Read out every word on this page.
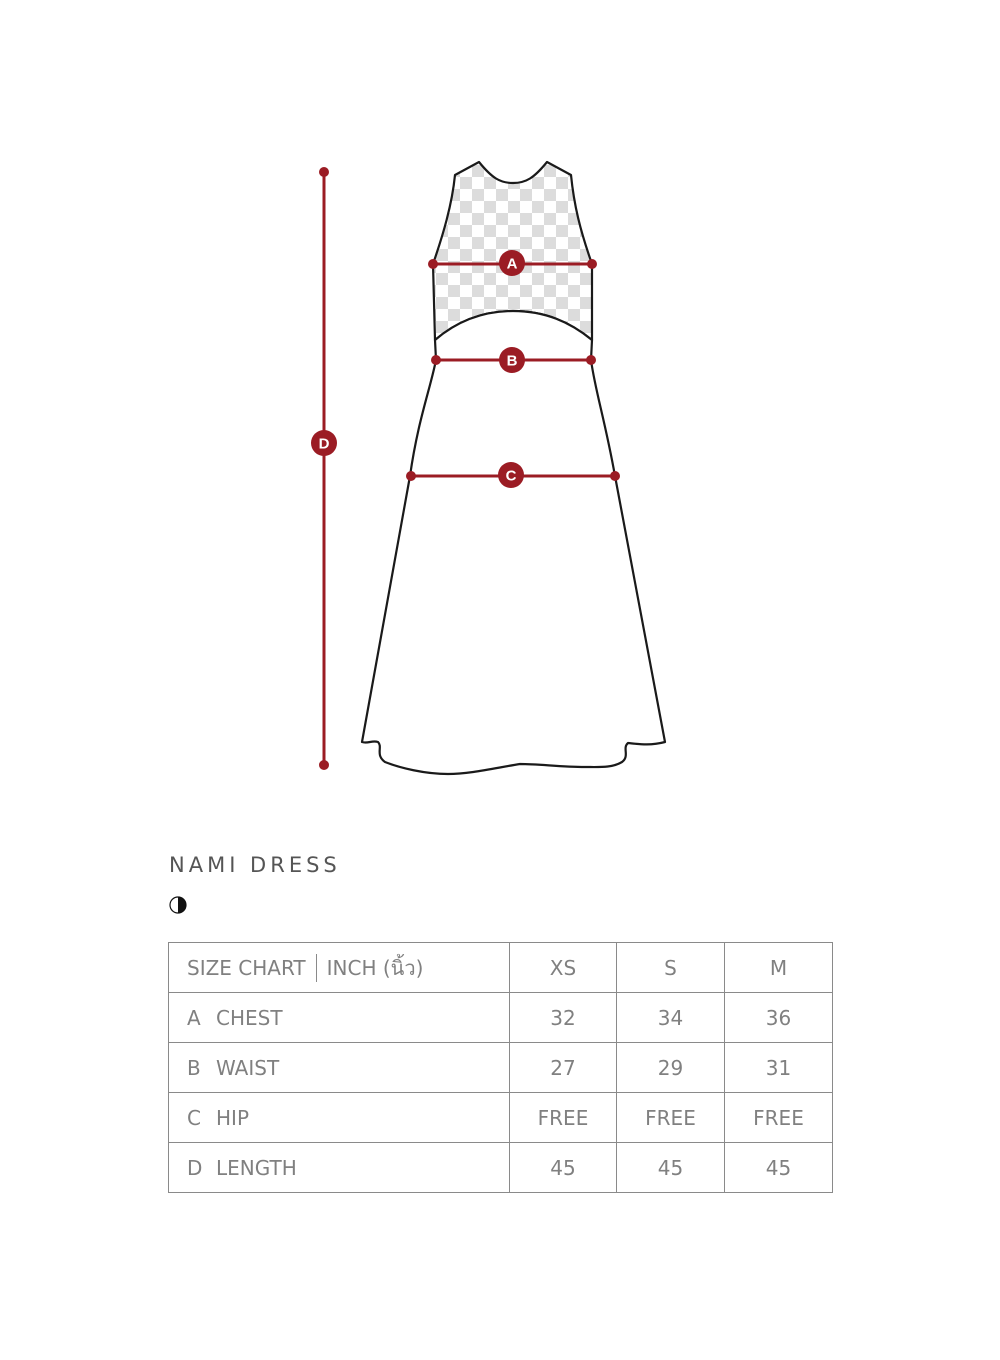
A
B
C
D
NAMI DRESS
SIZE CHART INCH (นิ้ว)	XS	S	M
A CHEST	32	34	36
B WAIST	27	29	31
C HIP	FREE	FREE	FREE
D LENGTH	45	45	45
